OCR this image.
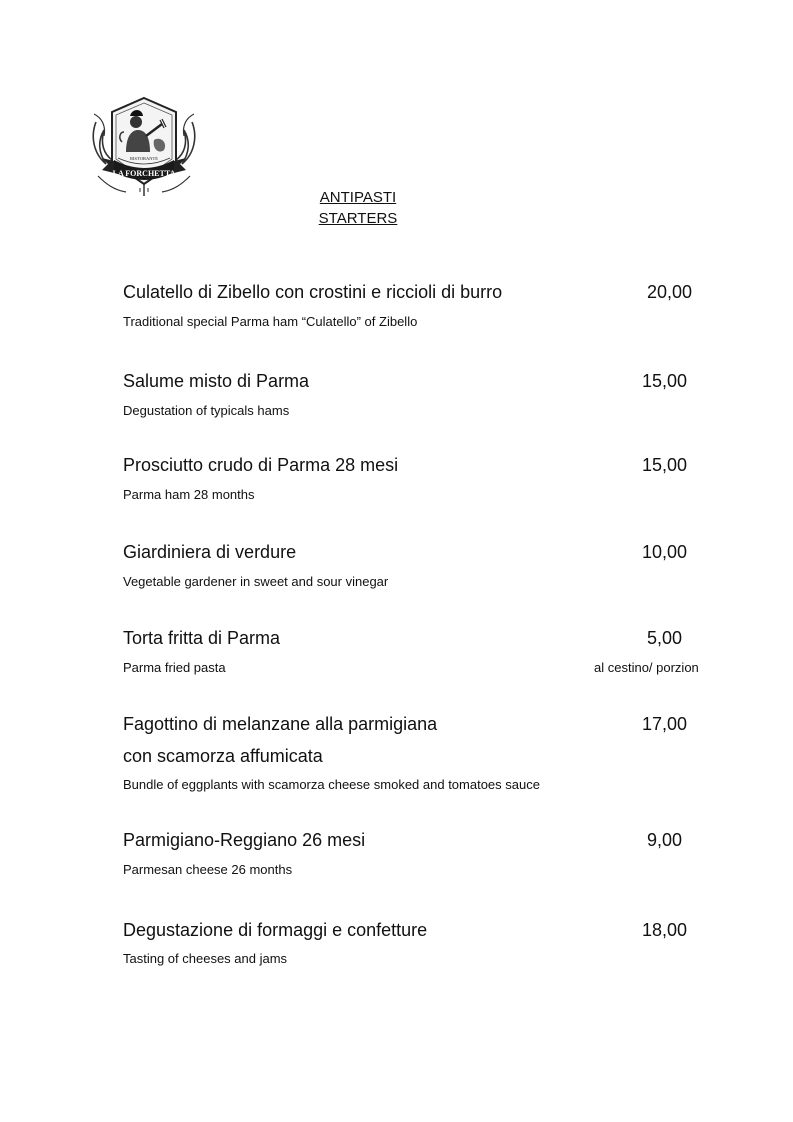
RISTORANTE
LA FORCHETTA
ANTIPASTI
STARTERS
Culatello di Zibello con crostini e riccioli di burro	20,00
Traditional special Parma ham “Culatello” of Zibello
Salume misto di Parma	15,00
Degustation of typicals hams
Prosciutto crudo di Parma 28 mesi	15,00
Parma ham 28 months
Giardiniera di verdure	10,00
Vegetable gardener in sweet and sour vinegar
Torta fritta di Parma	5,00
Parma fried pasta	al cestino/ porzion
Fagottino di melanzane alla parmigiana	17,00
con scamorza affumicata
Bundle of eggplants with scamorza cheese smoked and tomatoes sauce
Parmigiano-Reggiano 26 mesi	9,00
Parmesan cheese 26 months
Degustazione di formaggi e confetture	18,00
Tasting of cheeses and jams
